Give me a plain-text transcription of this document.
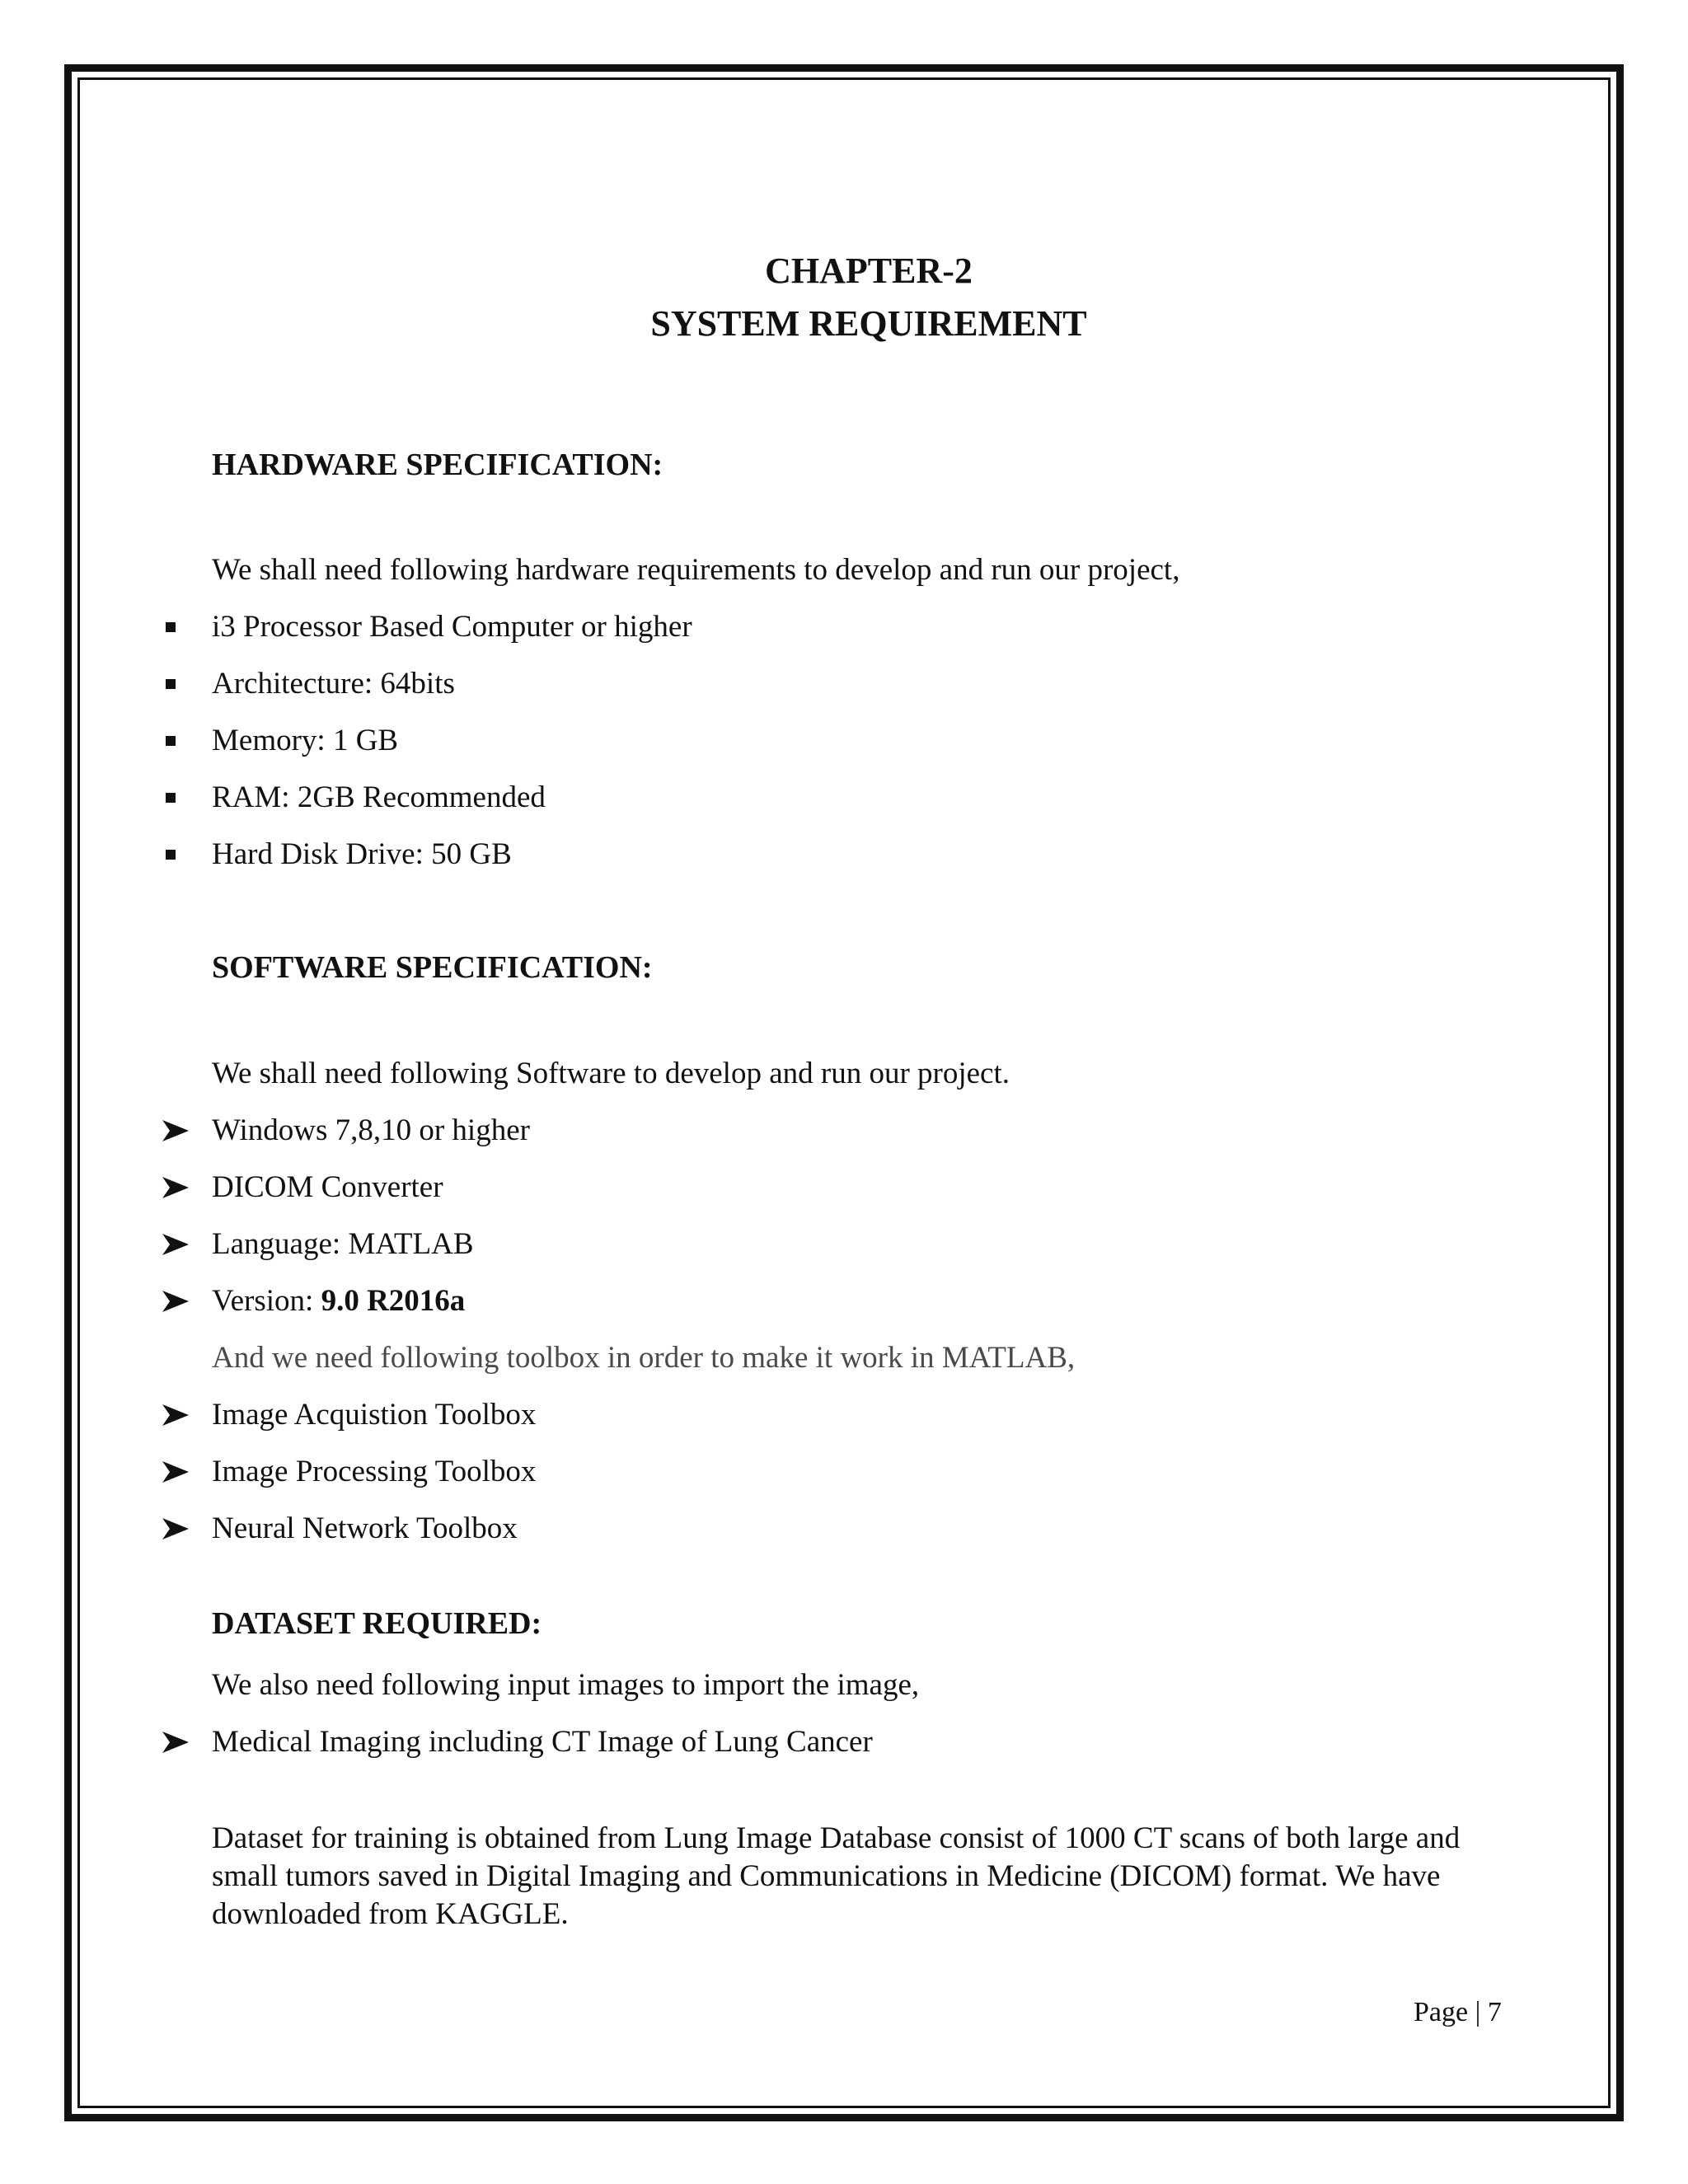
CHAPTER-2
SYSTEM REQUIREMENT
HARDWARE SPECIFICATION:
We shall need following hardware requirements to develop and run our project,
i3 Processor Based Computer or higher
Architecture: 64bits
Memory: 1 GB
RAM: 2GB Recommended
Hard Disk Drive: 50 GB
SOFTWARE SPECIFICATION:
We shall need following Software to develop and run our project.
Windows 7,8,10 or higher
DICOM Converter
Language: MATLAB
Version: 9.0 R2016a
And we need following toolbox in order to make it work in MATLAB,
Image Acquistion Toolbox
Image Processing Toolbox
Neural Network Toolbox
DATASET REQUIRED:
We also need following input images to import the image,
Medical Imaging including CT Image of Lung Cancer
Dataset for training is obtained from Lung Image Database consist of 1000 CT scans of both large and small tumors saved in Digital Imaging and Communications in Medicine (DICOM) format. We have downloaded from KAGGLE.
Page | 7
